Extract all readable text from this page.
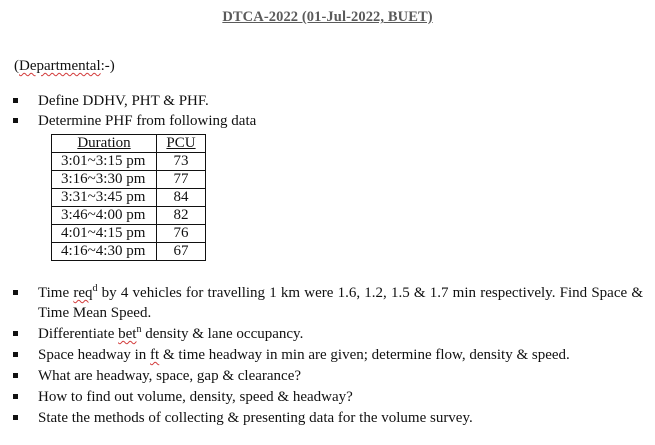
DTCA-2022 (01-Jul-2022, BUET)
(Departmental:-)
Define DDHV, PHT & PHF.
Determine PHF from following data
Duration	PCU
3:01~3:15 pm	73
3:16~3:30 pm	77
3:31~3:45 pm	84
3:46~4:00 pm	82
4:01~4:15 pm	76
4:16~4:30 pm	67
Time req$^d$ by 4 vehicles for travelling 1 km were 1.6, 1.2, 1.5 & 1.7 min respectively. Find Space & Time Mean Speed.
Differentiate bet$^n$ density & lane occupancy.
Space headway in ft & time headway in min are given; determine flow, density & speed.
What are headway, space, gap & clearance?
How to find out volume, density, speed & headway?
State the methods of collecting & presenting data for the volume survey.
